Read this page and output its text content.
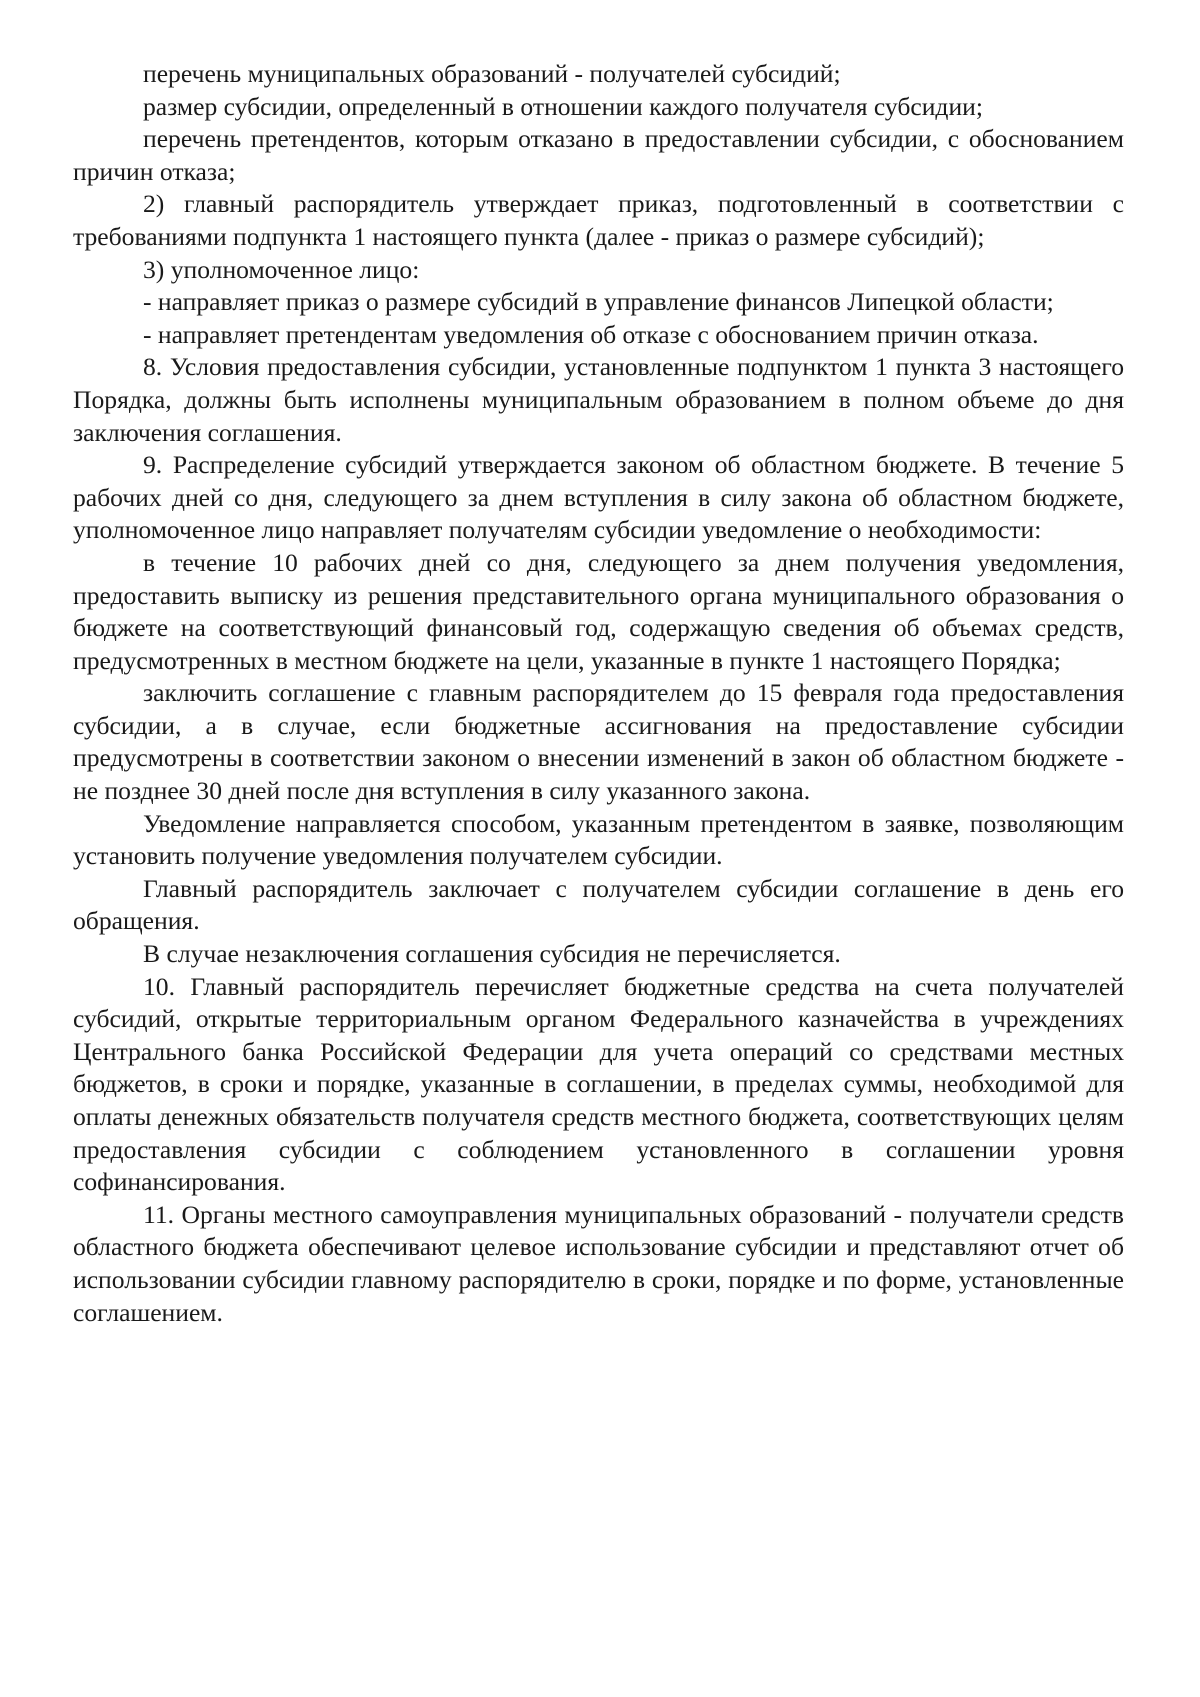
перечень муниципальных образований - получателей субсидий;

размер субсидии, определенный в отношении каждого получателя субсидии;

перечень претендентов, которым отказано в предоставлении субсидии, с обоснованием причин отказа;

2) главный распорядитель утверждает приказ, подготовленный в соответствии с требованиями подпункта 1 настоящего пункта (далее - приказ о размере субсидий);

3) уполномоченное лицо:

- направляет приказ о размере субсидий в управление финансов Липецкой области;

- направляет претендентам уведомления об отказе с обоснованием причин отказа.

8. Условия предоставления субсидии, установленные подпунктом 1 пункта 3 настоящего Порядка, должны быть исполнены муниципальным образованием в полном объеме до дня заключения соглашения.

9. Распределение субсидий утверждается законом об областном бюджете. В течение 5 рабочих дней со дня, следующего за днем вступления в силу закона об областном бюджете, уполномоченное лицо направляет получателям субсидии уведомление о необходимости:

в течение 10 рабочих дней со дня, следующего за днем получения уведомления, предоставить выписку из решения представительного органа муниципального образования о бюджете на соответствующий финансовый год, содержащую сведения об объемах средств, предусмотренных в местном бюджете на цели, указанные в пункте 1 настоящего Порядка;

заключить соглашение с главным распорядителем до 15 февраля года предоставления субсидии, а в случае, если бюджетные ассигнования на предоставление субсидии предусмотрены в соответствии законом о внесении изменений в закон об областном бюджете - не позднее 30 дней после дня вступления в силу указанного закона.

Уведомление направляется способом, указанным претендентом в заявке, позволяющим установить получение уведомления получателем субсидии.

Главный распорядитель заключает с получателем субсидии соглашение в день его обращения.

В случае незаключения соглашения субсидия не перечисляется.

10. Главный распорядитель перечисляет бюджетные средства на счета получателей субсидий, открытые территориальным органом Федерального казначейства в учреждениях Центрального банка Российской Федерации для учета операций со средствами местных бюджетов, в сроки и порядке, указанные в соглашении, в пределах суммы, необходимой для оплаты денежных обязательств получателя средств местного бюджета, соответствующих целям предоставления субсидии с соблюдением установленного в соглашении уровня софинансирования.

11. Органы местного самоуправления муниципальных образований - получатели средств областного бюджета обеспечивают целевое использование субсидии и представляют отчет об использовании субсидии главному распорядителю в сроки, порядке и по форме, установленные соглашением.
